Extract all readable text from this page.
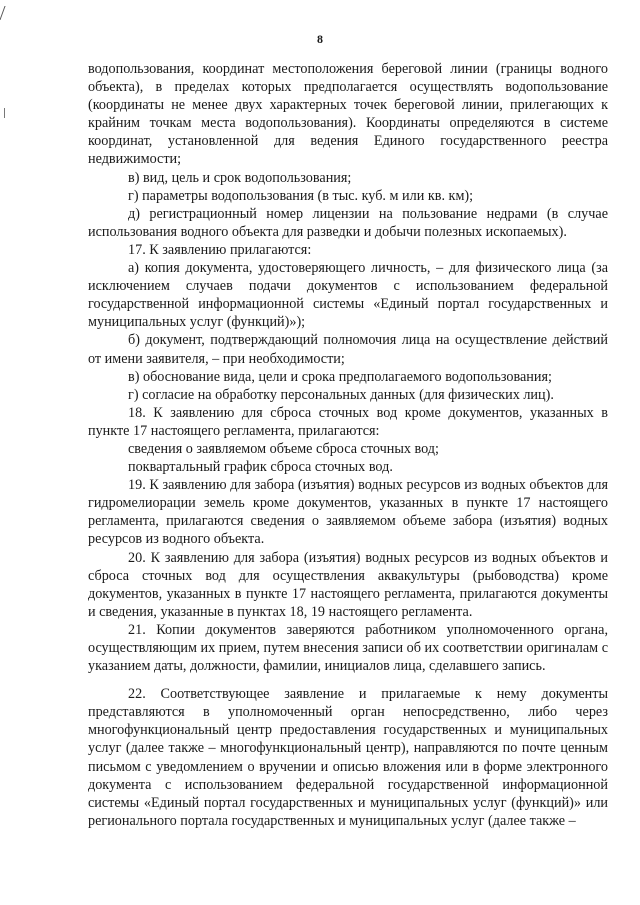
8

водопользования, координат местоположения береговой линии (границы водного объекта), в пределах которых предполагается осуществлять водопользование (координаты не менее двух характерных точек береговой линии, прилегающих к крайним точкам места водопользования). Координаты определяются в системе координат, установленной для ведения Единого государственного реестра недвижимости;

в) вид, цель и срок водопользования;

г) параметры водопользования (в тыс. куб. м или кв. км);

д) регистрационный номер лицензии на пользование недрами (в случае использования водного объекта для разведки и добычи полезных ископаемых).

17. К заявлению прилагаются:

а) копия документа, удостоверяющего личность, – для физического лица (за исключением случаев подачи документов с использованием федеральной государственной информационной системы «Единый портал государственных и муниципальных услуг (функций)»);

б) документ, подтверждающий полномочия лица на осуществление действий от имени заявителя, – при необходимости;

в) обоснование вида, цели и срока предполагаемого водопользования;

г) согласие на обработку персональных данных (для физических лиц).

18. К заявлению для сброса сточных вод кроме документов, указанных в пункте 17 настоящего регламента, прилагаются:

сведения о заявляемом объеме сброса сточных вод;

поквартальный график сброса сточных вод.

19. К заявлению для забора (изъятия) водных ресурсов из водных объектов для гидромелиорации земель кроме документов, указанных в пункте 17 настоящего регламента, прилагаются сведения о заявляемом объеме забора (изъятия) водных ресурсов из водного объекта.

20. К заявлению для забора (изъятия) водных ресурсов из водных объектов и сброса сточных вод для осуществления аквакультуры (рыбоводства) кроме документов, указанных в пункте 17 настоящего регламента, прилагаются документы и сведения, указанные в пунктах 18, 19 настоящего регламента.

21. Копии документов заверяются работником уполномоченного органа, осуществляющим их прием, путем внесения записи об их соответствии оригиналам с указанием даты, должности, фамилии, инициалов лица, сделавшего запись.

22. Соответствующее заявление и прилагаемые к нему документы представляются в уполномоченный орган непосредственно, либо через многофункциональный центр предоставления государственных и муниципальных услуг (далее также – многофункциональный центр), направляются по почте ценным письмом с уведомлением о вручении и описью вложения или в форме электронного документа с использованием федеральной государственной информационной системы «Единый портал государственных и муниципальных услуг (функций)» или регионального портала государственных и муниципальных услуг (далее также –
